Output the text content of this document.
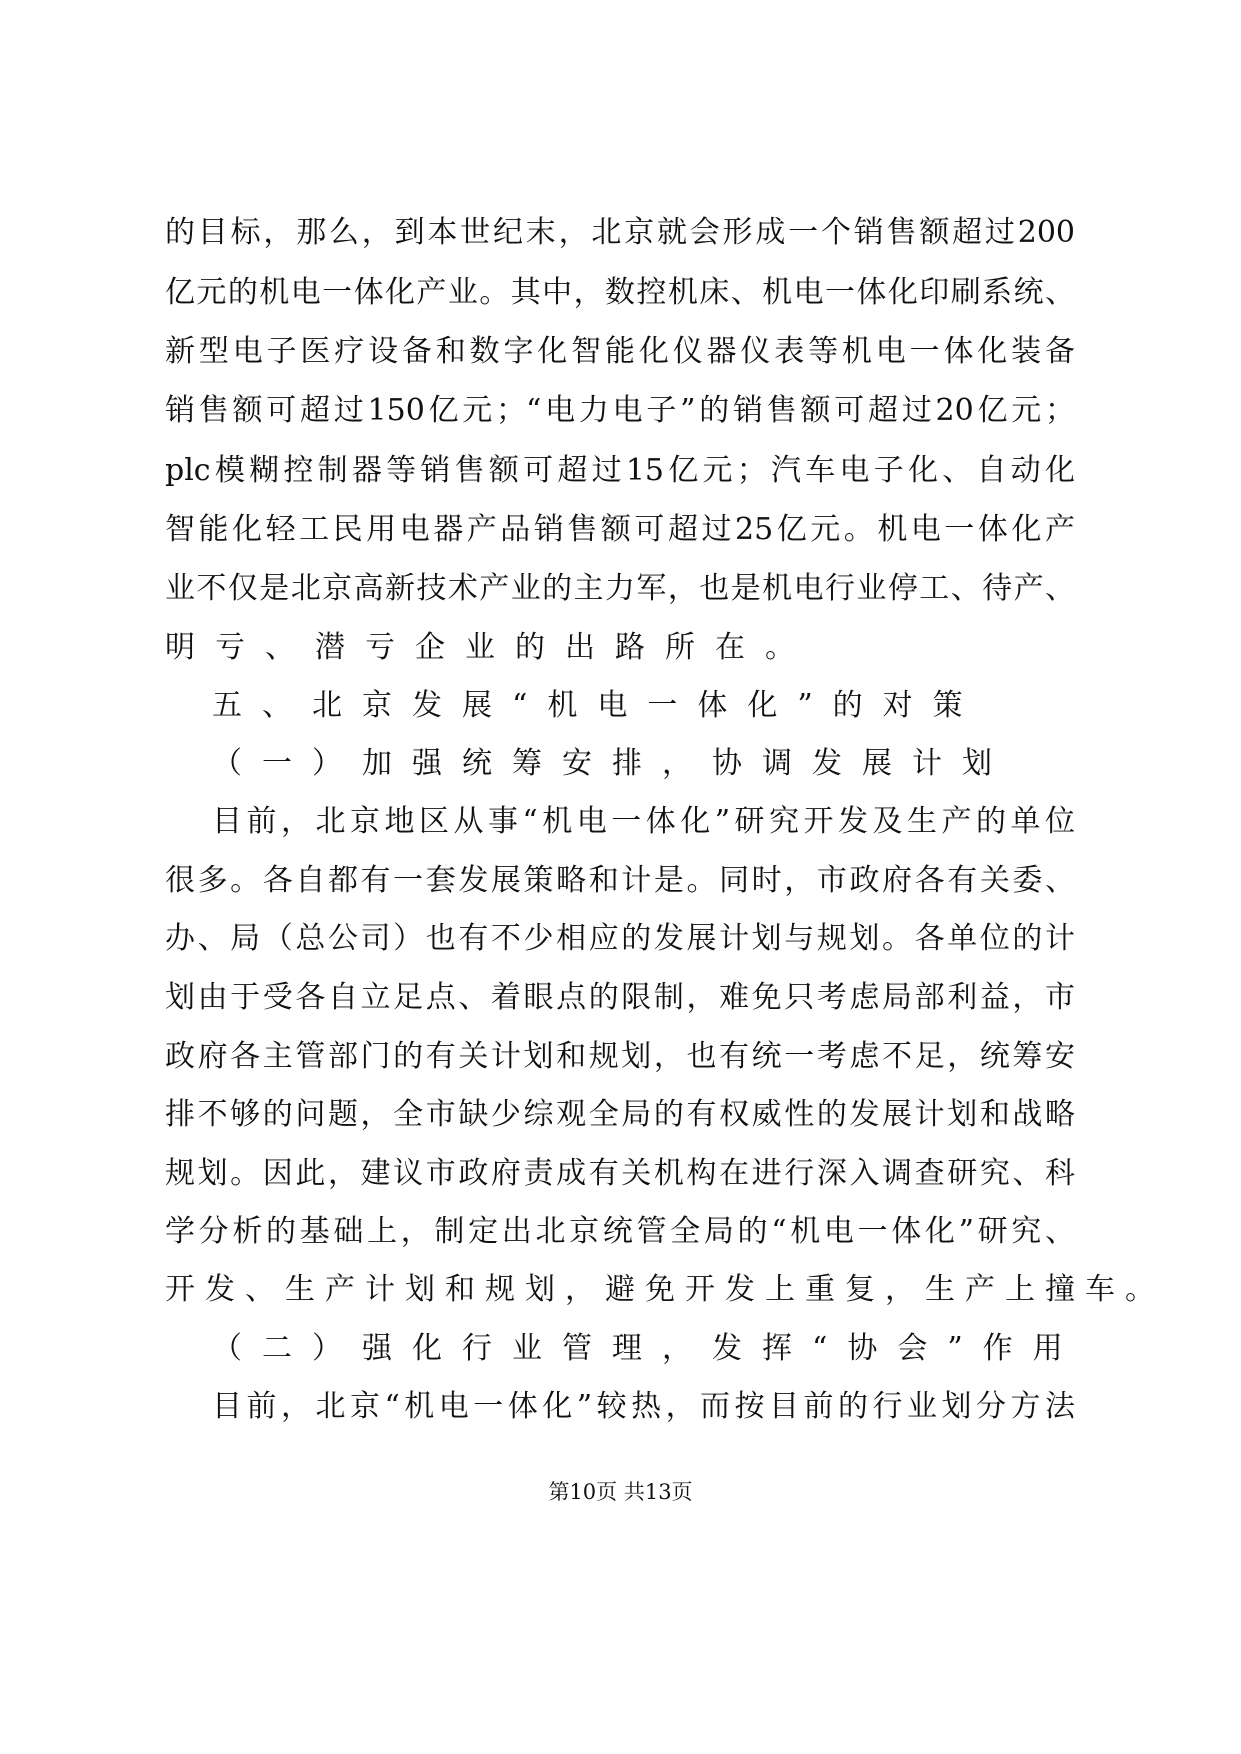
的目标，那么，到本世纪末，北京就会形成一个销售额超过200
亿元的机电一体化产业。其中，数控机床、机电一体化印刷系统、
新型电子医疗设备和数字化智能化仪器仪表等机电一体化装备
销售额可超过150亿元；“电力电子”的销售额可超过20亿元；
plc模糊控制器等销售额可超过15亿元；汽车电子化、自动化
智能化轻工民用电器产品销售额可超过25亿元。机电一体化产
业不仅是北京高新技术产业的主力军，也是机电行业停工、待产、
明亏、潜亏企业的出路所在。
五、北京发展“机电一体化”的对策
（一）加强统筹安排，协调发展计划
目前，北京地区从事“机电一体化”研究开发及生产的单位
很多。各自都有一套发展策略和计是。同时，市政府各有关委、
办、局（总公司）也有不少相应的发展计划与规划。各单位的计
划由于受各自立足点、着眼点的限制，难免只考虑局部利益，市
政府各主管部门的有关计划和规划，也有统一考虑不足，统筹安
排不够的问题，全市缺少综观全局的有权威性的发展计划和战略
规划。因此，建议市政府责成有关机构在进行深入调查研究、科
学分析的基础上，制定出北京统管全局的“机电一体化”研究、
开发、生产计划和规划，避免开发上重复，生产上撞车。
（二）强化行业管理，发挥“协会”作用
目前，北京“机电一体化”较热，而按目前的行业划分方法
第10页 共13页
